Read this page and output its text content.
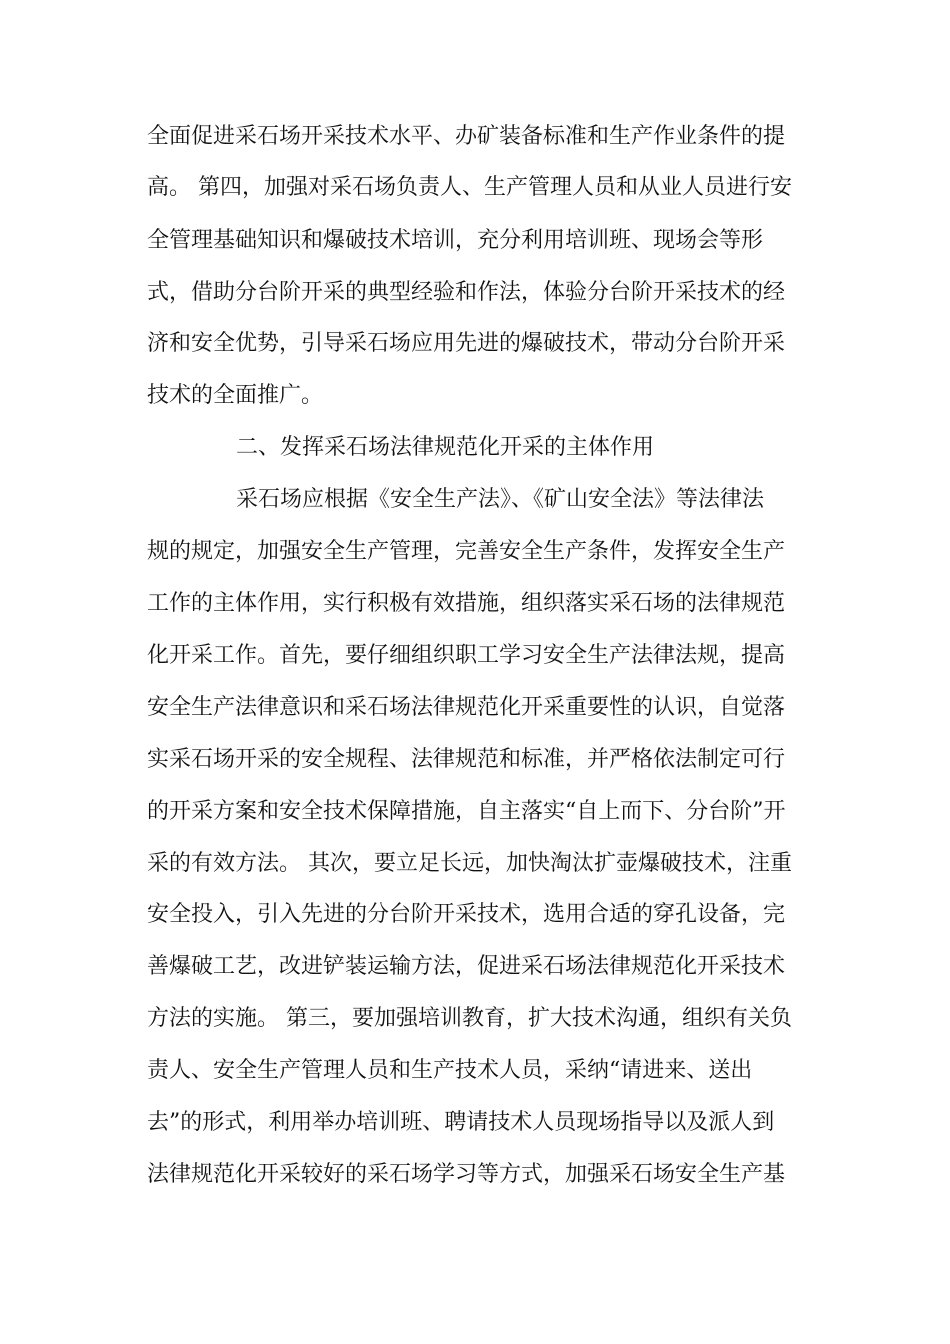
全面促进采石场开采技术水平、办矿装备标准和生产作业条件的提
高。 第四，加强对采石场负责人、生产管理人员和从业人员进行安
全管理基础知识和爆破技术培训，充分利用培训班、现场会等形
式，借助分台阶开采的典型经验和作法，体验分台阶开采技术的经
济和安全优势，引导采石场应用先进的爆破技术，带动分台阶开采
技术的全面推广。
二、发挥采石场法律规范化开采的主体作用
采石场应根据《安全生产法》、《矿山安全法》等法律法
规的规定，加强安全生产管理，完善安全生产条件，发挥安全生产
工作的主体作用，实行积极有效措施，组织落实采石场的法律规范
化开采工作。首先，要仔细组织职工学习安全生产法律法规，提高
安全生产法律意识和采石场法律规范化开采重要性的认识，自觉落
实采石场开采的安全规程、法律规范和标准，并严格依法制定可行
的开采方案和安全技术保障措施，自主落实“自上而下、分台阶”开
采的有效方法。 其次，要立足长远，加快淘汰扩壶爆破技术，注重
安全投入，引入先进的分台阶开采技术，选用合适的穿孔设备，完
善爆破工艺，改进铲装运输方法，促进采石场法律规范化开采技术
方法的实施。 第三，要加强培训教育，扩大技术沟通，组织有关负
责人、安全生产管理人员和生产技术人员，采纳“请进来、送出
去”的形式，利用举办培训班、聘请技术人员现场指导以及派人到
法律规范化开采较好的采石场学习等方式，加强采石场安全生产基
